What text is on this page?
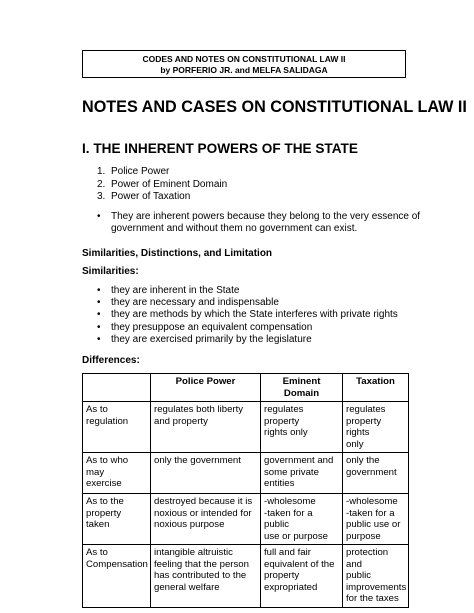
CODES AND NOTES ON CONSTITUTIONAL LAW II
by PORFERIO JR. and MELFA SALIDAGA
NOTES AND CASES ON CONSTITUTIONAL LAW II
I. THE INHERENT POWERS OF THE STATE
1. Police Power
2. Power of Eminent Domain
3. Power of Taxation
•	They are inherent powers because they belong to the very essence of
government and without them no government can exist.
Similarities, Distinctions, and Limitation
Similarities:
•	they are inherent in the State
•	they are necessary and indispensable
•	they are methods by which the State interferes with private rights
•	they presuppose an equivalent compensation
•	they are exercised primarily by the legislature
Differences:
	Police Power	Eminent Domain	Taxation
As to regulation	regulates both liberty
and property	regulates property
rights only	regulates
property rights
only
As to who may
exercise	only the government	government and
some private
entities	only the
government
As to the
property taken	destroyed because it is
noxious or intended for
noxious purpose	-wholesome
-taken for a public
use or purpose	-wholesome
-taken for a
public use or
purpose
As to
Compensation	intangible altruistic
feeling that the person
has contributed to the
general welfare	full and fair
equivalent of the
property
expropriated	protection and
public
improvements
for the taxes
